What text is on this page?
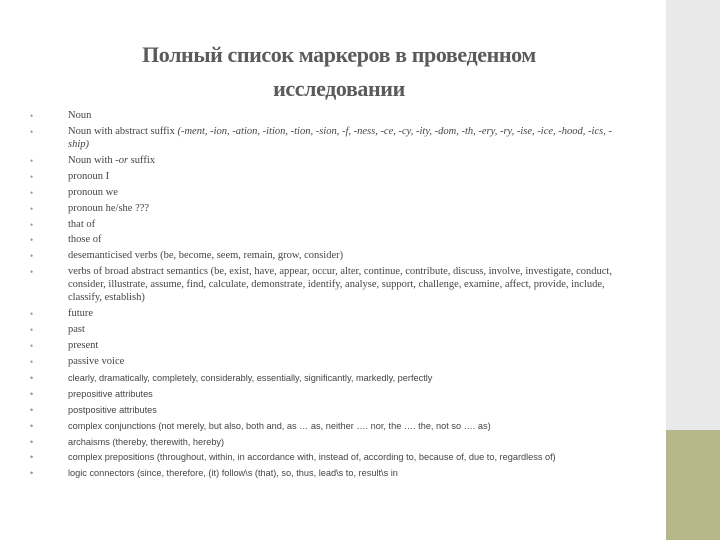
Полный список маркеров в проведенном
исследовании
•	Noun
•	Noun with abstract suffix (-ment, -ion, -ation, -ition, -tion, -sion, -f, -ness, -ce, -cy, -ity, -dom, -th, -ery, -ry, -ise, -ice, -hood, -ics, -ship)
•	Noun with -or suffix
•	pronoun I
•	pronoun we
•	pronoun he/she ???
•	that of
•	those of
•	desemanticised verbs (be, become, seem, remain, grow, consider)
•	verbs of broad abstract semantics (be, exist, have, appear, occur, alter, continue, contribute, discuss, involve, investigate, conduct, consider, illustrate, assume, find, calculate, demonstrate, identify, analyse, support, challenge, examine, affect, provide, include, classify, establish)
•	future
•	past
•	present
•	passive voice
•	clearly, dramatically, completely, considerably, essentially, significantly, markedly, perfectly
•	prepositive attributes
•	postpositive attributes
•	complex conjunctions (not merely, but also, both and, as … as, neither …. nor, the …. the, not so …. as)
•	archaisms (thereby, therewith, hereby)
•	complex prepositions (throughout, within, in accordance with, instead of, according to, because of, due to, regardless of)
•	logic connectors (since, therefore, (it) follow\s (that), so, thus, lead\s to, result\s in
